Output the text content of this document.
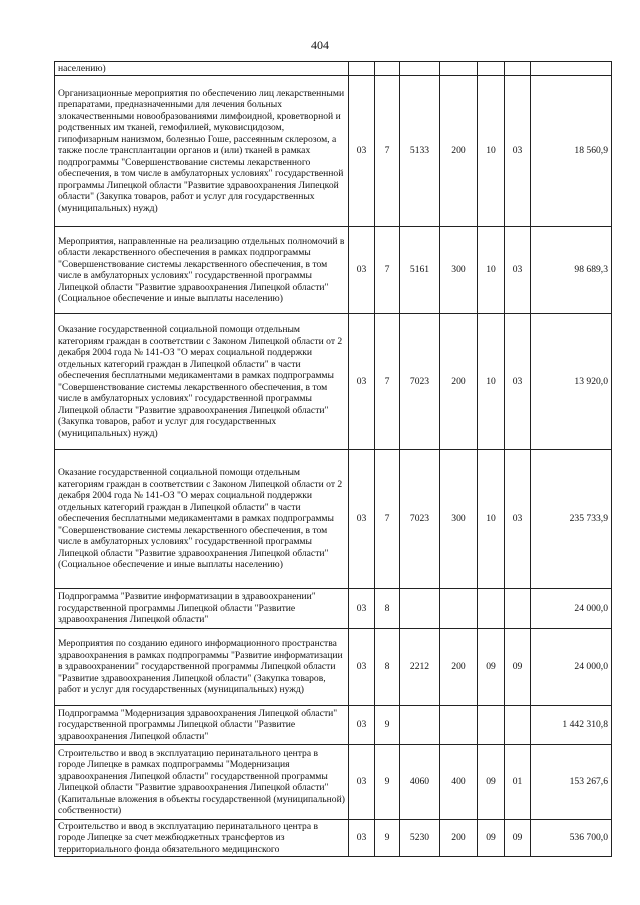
404
населению)							
Организационные мероприятия по обеспечению лиц лекарственными препаратами, предназначенными для лечения больных злокачественными новообразованиями лимфоидной, кроветворной и родственных им тканей, гемофилией, муковисцидозом, гипофизарным нанизмом, болезнью Гоше, рассеянным склерозом, а также после трансплантации органов и (или) тканей в рамках подпрограммы "Совершенствование системы лекарственного обеспечения, в том числе в амбулаторных условиях" государственной программы Липецкой области "Развитие здравоохранения Липецкой области" (Закупка товаров, работ и услуг для государственных (муниципальных) нужд)	03	7	5133	200	10	03	18 560,9
Мероприятия, направленные на реализацию отдельных полномочий в области лекарственного обеспечения в рамках подпрограммы "Совершенствование системы лекарственного обеспечения, в том числе в амбулаторных условиях" государственной программы Липецкой области "Развитие здравоохранения Липецкой области" (Социальное обеспечение и иные выплаты населению)	03	7	5161	300	10	03	98 689,3
Оказание государственной социальной помощи отдельным категориям граждан в соответствии с Законом Липецкой области от 2 декабря 2004 года № 141-ОЗ "О мерах социальной поддержки отдельных категорий граждан в Липецкой области" в части обеспечения бесплатными медикаментами в рамках подпрограммы "Совершенствование системы лекарственного обеспечения, в том числе в амбулаторных условиях" государственной программы Липецкой области "Развитие здравоохранения Липецкой области" (Закупка товаров, работ и услуг для государственных (муниципальных) нужд)	03	7	7023	200	10	03	13 920,0
Оказание государственной социальной помощи отдельным категориям граждан в соответствии с Законом Липецкой области от 2 декабря 2004 года № 141-ОЗ "О мерах социальной поддержки отдельных категорий граждан в Липецкой области" в части обеспечения бесплатными медикаментами в рамках подпрограммы "Совершенствование системы лекарственного обеспечения, в том числе в амбулаторных условиях" государственной программы Липецкой области "Развитие здравоохранения Липецкой области" (Социальное обеспечение и иные выплаты населению)	03	7	7023	300	10	03	235 733,9
Подпрограмма "Развитие информатизации в здравоохранении" государственной программы Липецкой области "Развитие здравоохранения Липецкой области"	03	8					24 000,0
Мероприятия по созданию единого информационного пространства здравоохранения в рамках подпрограммы "Развитие информатизации в здравоохранении" государственной программы Липецкой области "Развитие здравоохранения Липецкой области" (Закупка товаров, работ и услуг для государственных (муниципальных) нужд)	03	8	2212	200	09	09	24 000,0
Подпрограмма "Модернизация здравоохранения Липецкой области" государственной программы Липецкой области "Развитие здравоохранения Липецкой области"	03	9					1 442 310,8
Строительство и ввод в эксплуатацию перинатального центра в городе Липецке в рамках подпрограммы "Модернизация здравоохранения Липецкой области" государственной программы Липецкой области "Развитие здравоохранения Липецкой области" (Капитальные вложения в объекты государственной (муниципальной) собственности)	03	9	4060	400	09	01	153 267,6
Строительство и ввод в эксплуатацию перинатального центра в городе Липецке за счет межбюджетных трансфертов из территориального фонда обязательного медицинского	03	9	5230	200	09	09	536 700,0
